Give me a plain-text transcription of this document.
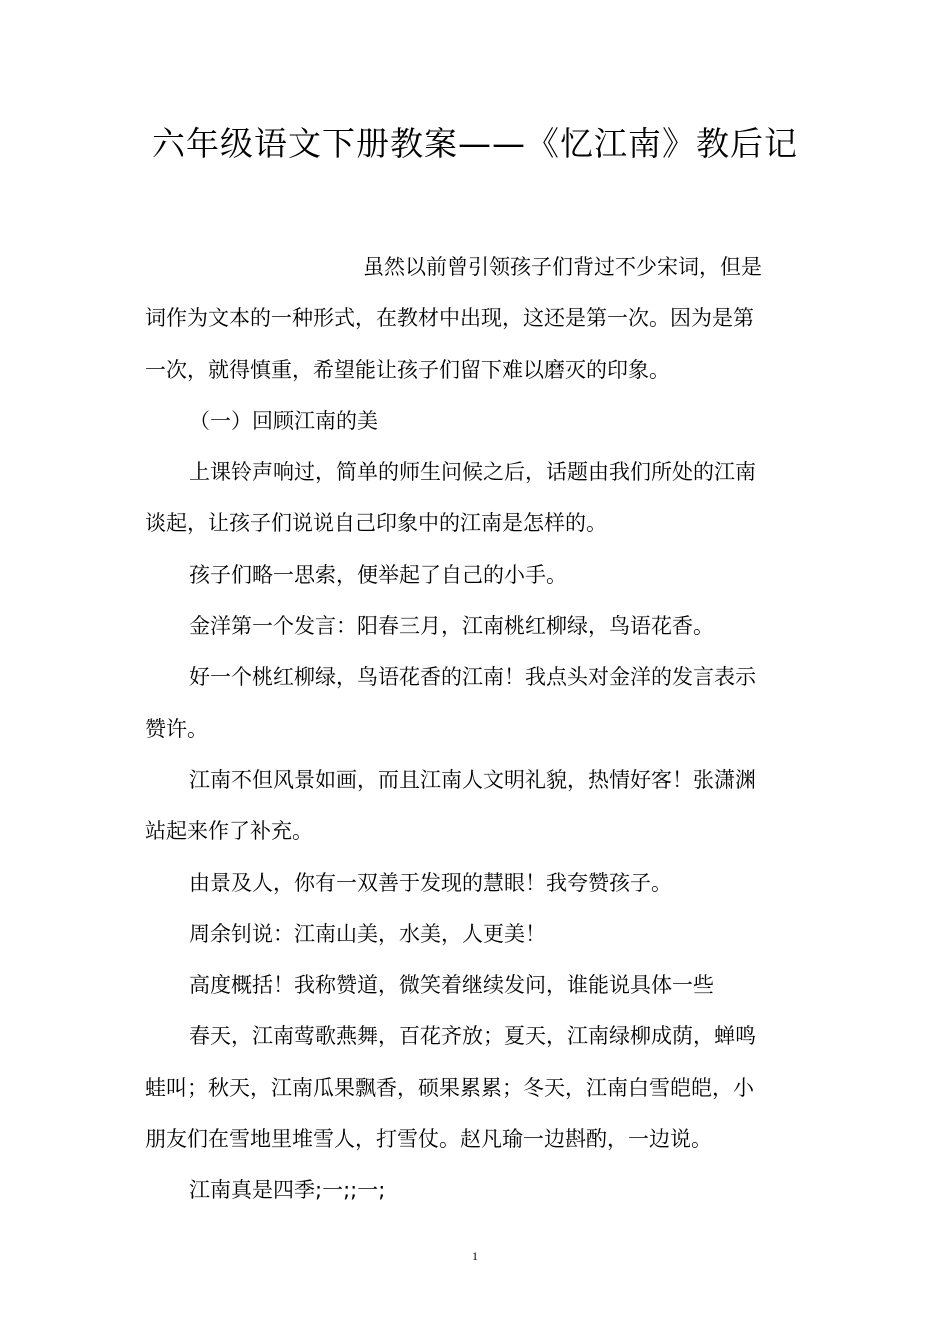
六年级语文下册教案——《忆江南》教后记
虽然以前曾引领孩子们背过不少宋词，但是
词作为文本的一种形式，在教材中出现，这还是第一次。因为是第
一次，就得慎重，希望能让孩子们留下难以磨灭的印象。
（一）回顾江南的美
上课铃声响过，简单的师生问候之后，话题由我们所处的江南
谈起，让孩子们说说自己印象中的江南是怎样的。
孩子们略一思索，便举起了自己的小手。
金洋第一个发言：阳春三月，江南桃红柳绿，鸟语花香。
好一个桃红柳绿，鸟语花香的江南！我点头对金洋的发言表示
赞许。
江南不但风景如画，而且江南人文明礼貌，热情好客！张潇渊
站起来作了补充。
由景及人，你有一双善于发现的慧眼！我夸赞孩子。
周余钊说：江南山美，水美，人更美！
高度概括！我称赞道，微笑着继续发问，谁能说具体一些
春天，江南莺歌燕舞，百花齐放；夏天，江南绿柳成荫，蝉鸣
蛙叫；秋天，江南瓜果飘香，硕果累累；冬天，江南白雪皑皑，小
朋友们在雪地里堆雪人，打雪仗。赵凡瑜一边斟酌，一边说。
江南真是四季;一;;一;
1
